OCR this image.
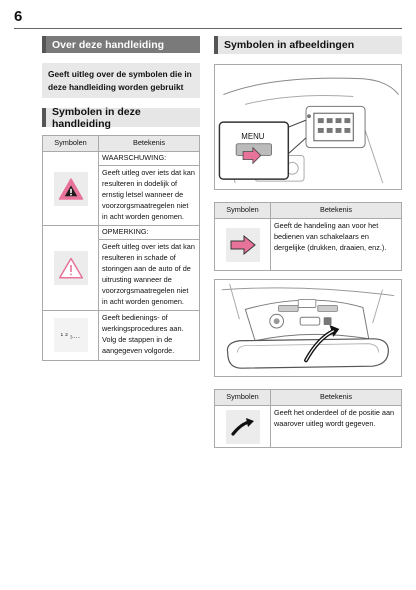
6
Over deze handleiding
Geeft uitleg over de symbolen die in deze handleiding worden gebruikt
Symbolen in deze handleiding
Symbolen	Betekenis

WAARSCHUWING:
Geeft uitleg over iets dat kan resulteren in dodelijk of ernstig letsel wanneer de voorzorgsmaatregelen niet in acht worden genomen.

OPMERKING:
Geeft uitleg over iets dat kan resulteren in schade of storingen aan de auto of de uitrusting wanneer de voorzorgsmaatregelen niet in acht worden genomen.

¹ ² ₃…	Geeft bedienings- of werkingsprocedures aan. Volg de stappen in de aangegeven volgorde.
Symbolen in afbeeldingen
MENU
Symbolen	Betekenis

Geeft de handeling aan voor het bedienen van schakelaars en dergelijke (drukken, draaien, enz.).
Symbolen	Betekenis

Geeft het onderdeel of de positie aan waarover uitleg wordt gegeven.
